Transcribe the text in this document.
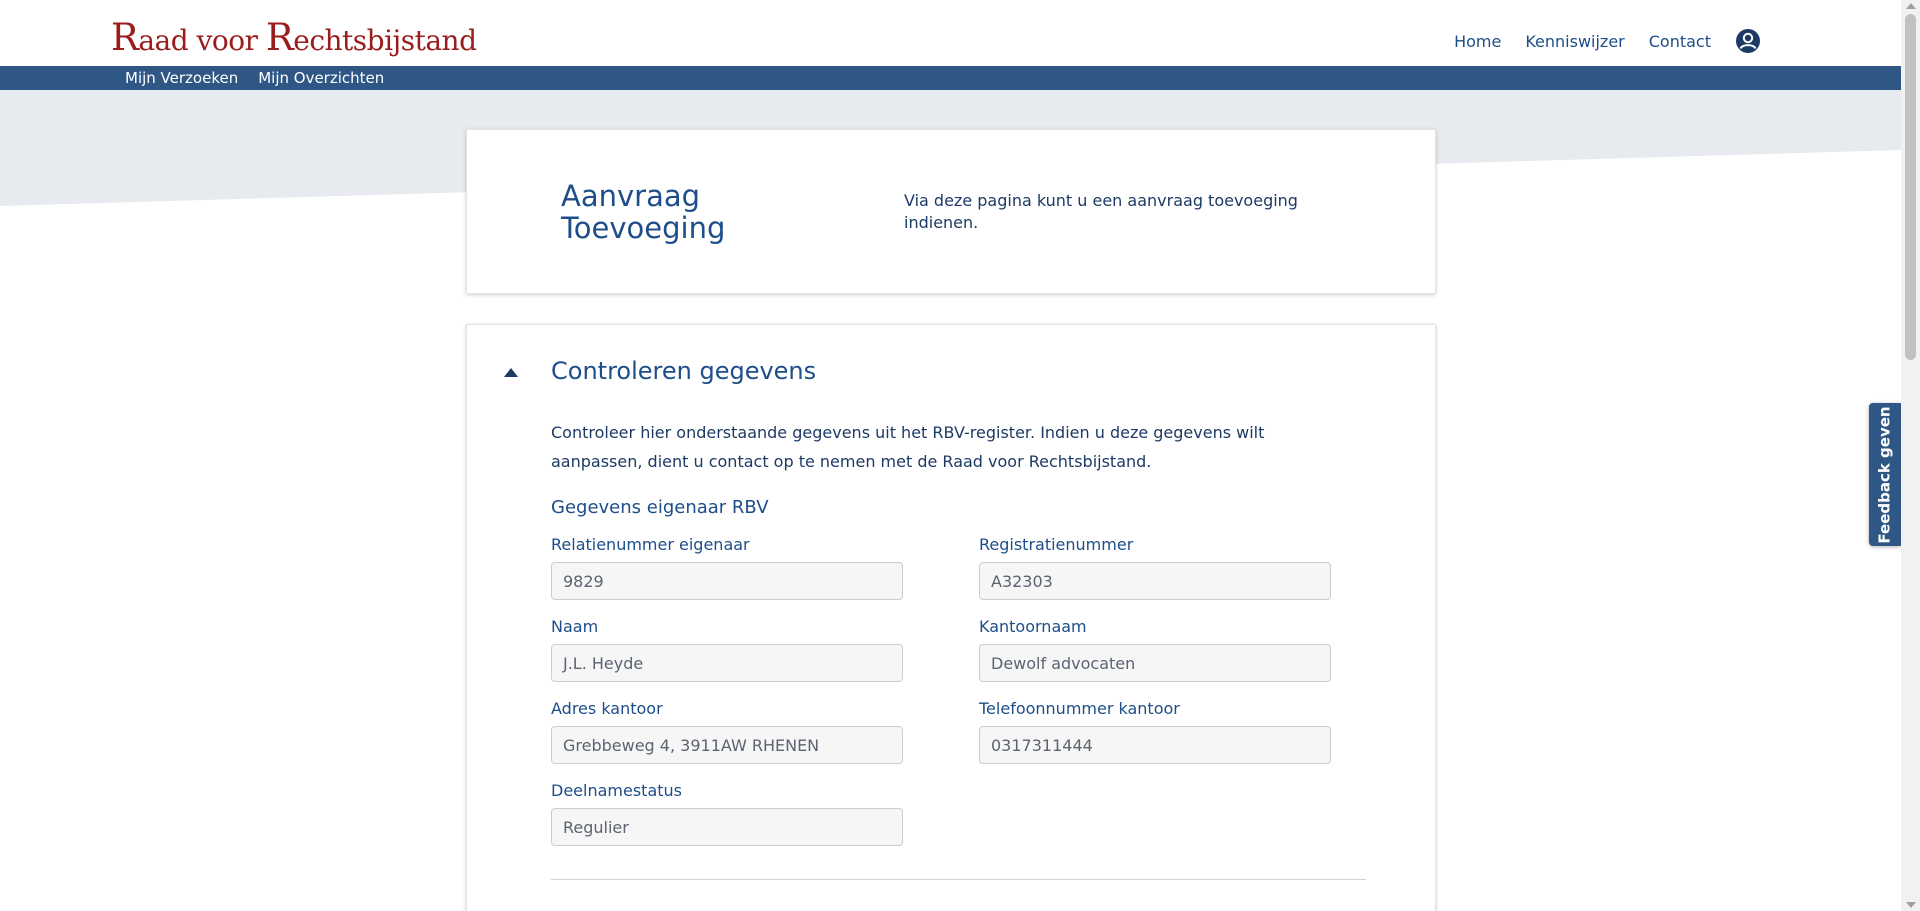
Raad voor Rechtsbijstand	Home Kenniswijzer Contact
Mijn Verzoeken Mijn Overzichten
Aanvraag Toevoeging

Via deze pagina kunt u een aanvraag toevoeging indienen.

Controleren gegevens

Controleer hier onderstaande gegevens uit het RBV-register. Indien u deze gegevens wilt aanpassen, dient u contact op te nemen met de Raad voor Rechtsbijstand.

Gegevens eigenaar RBV
Relatienummer eigenaar
9829
Registratienummer
A32303
Naam
J.L. Heyde
Kantoornaam
Dewolf advocaten
Adres kantoor
Grebbeweg 4, 3911AW RHENEN
Telefoonnummer kantoor
0317311444
Deelnamestatus
Regulier
Feedback geven
